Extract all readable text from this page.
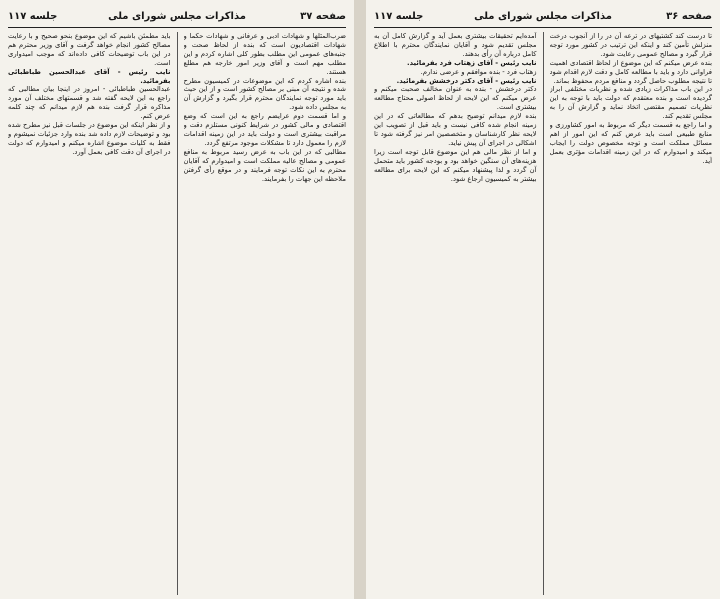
صفحه ۳۷
مذاکرات مجلس شورای ملی
جلسه ۱۱۷

ضرب‌المثلها و شهادات ادبی و عرفانی و شهادات حکما و شهادات اقتصادیون است که بنده از لحاظ صحت و جنبه‌های عمومی این مطلب بطور کلی اشاره کردم و این مطلب مهم است و آقای وزیر امور خارجه هم مطلع هستند.

بنده اشاره کردم که این موضوعات در کمیسیون مطرح شده و نتیجه آن مبنی بر مصالح کشور است و از این حیث باید مورد توجه نمایندگان محترم قرار بگیرد و گزارش آن به مجلس داده شود.

و اما قسمت دوم عرایضم راجع به این است که وضع اقتصادی و مالی کشور در شرایط کنونی مستلزم دقت و مراقبت بیشتری است و دولت باید در این زمینه اقدامات لازم را معمول دارد تا مشکلات موجود مرتفع گردد.

مطالبی که در این باب به عرض رسید مربوط به منافع عمومی و مصالح عالیه مملکت است و امیدوارم که آقایان محترم به این نکات توجه فرمایند و در موقع رأی گرفتن ملاحظه این جهات را بفرمایند.

باید مطمئن باشیم که این موضوع بنحو صحیح و با رعایت مصالح کشور انجام خواهد گرفت و آقای وزیر محترم هم در این باب توضیحات کافی داده‌اند که موجب امیدواری است.

نایب رئیس - آقای عبدالحسین طباطبائی بفرمائید.

عبدالحسین طباطبائی - امروز در اینجا بیان مطالبی که راجع به این لایحه گفته شد و قسمتهای مختلف آن مورد مذاکره قرار گرفت بنده هم لازم میدانم که چند کلمه عرض کنم.

و از نظر اینکه این موضوع در جلسات قبل نیز مطرح شده بود و توضیحات لازم داده شد بنده وارد جزئیات نمیشوم و فقط به کلیات موضوع اشاره میکنم و امیدوارم که دولت در اجرای آن دقت کافی بعمل آورد.

صفحه ۳۶
مذاکرات مجلس شورای ملی
جلسه ۱۱۷

تا درست کند کشتیهای در ترعه آن در را از آنجوب درخت منزلش تأمین کند و اینکه این ترتیب در کشور مورد توجه قرار گیرد و مصالح عمومی رعایت شود.

بنده عرض میکنم که این موضوع از لحاظ اقتصادی اهمیت فراوانی دارد و باید با مطالعه کامل و دقت لازم اقدام شود تا نتیجه مطلوب حاصل گردد و منافع مردم محفوظ بماند.

در این باب مذاکرات زیادی شده و نظریات مختلفی ابراز گردیده است و بنده معتقدم که دولت باید با توجه به این نظریات تصمیم مقتضی اتخاذ نماید و گزارش آن را به مجلس تقدیم کند.

و اما راجع به قسمت دیگر که مربوط به امور کشاورزی و منابع طبیعی است باید عرض کنم که این امور از اهم مسائل مملکت است و توجه مخصوص دولت را ایجاب میکند و امیدوارم که در این زمینه اقدامات مؤثری بعمل آید.

آمده‌ایم تحقیقات بیشتری بعمل آید و گزارش کامل آن به مجلس تقدیم شود و آقایان نمایندگان محترم با اطلاع کامل درباره آن رأی بدهند.

نایب رئیس - آقای زهتاب فرد بفرمائید.

زهتاب فرد - بنده موافقم و عرضی ندارم.

نایب رئیس - آقای دکتر درخشش بفرمائید.

دکتر درخشش - بنده به عنوان مخالف صحبت میکنم و عرض میکنم که این لایحه از لحاظ اصولی محتاج مطالعه بیشتری است.

بنده لازم میدانم توضیح بدهم که مطالعاتی که در این زمینه انجام شده کافی نیست و باید قبل از تصویب این لایحه نظر کارشناسان و متخصصین امر نیز گرفته شود تا اشکالی در اجرای آن پیش نیاید.

و اما از نظر مالی هم این موضوع قابل توجه است زیرا هزینه‌های آن سنگین خواهد بود و بودجه کشور باید متحمل آن گردد و لذا پیشنهاد میکنم که این لایحه برای مطالعه بیشتر به کمیسیون ارجاع شود.
